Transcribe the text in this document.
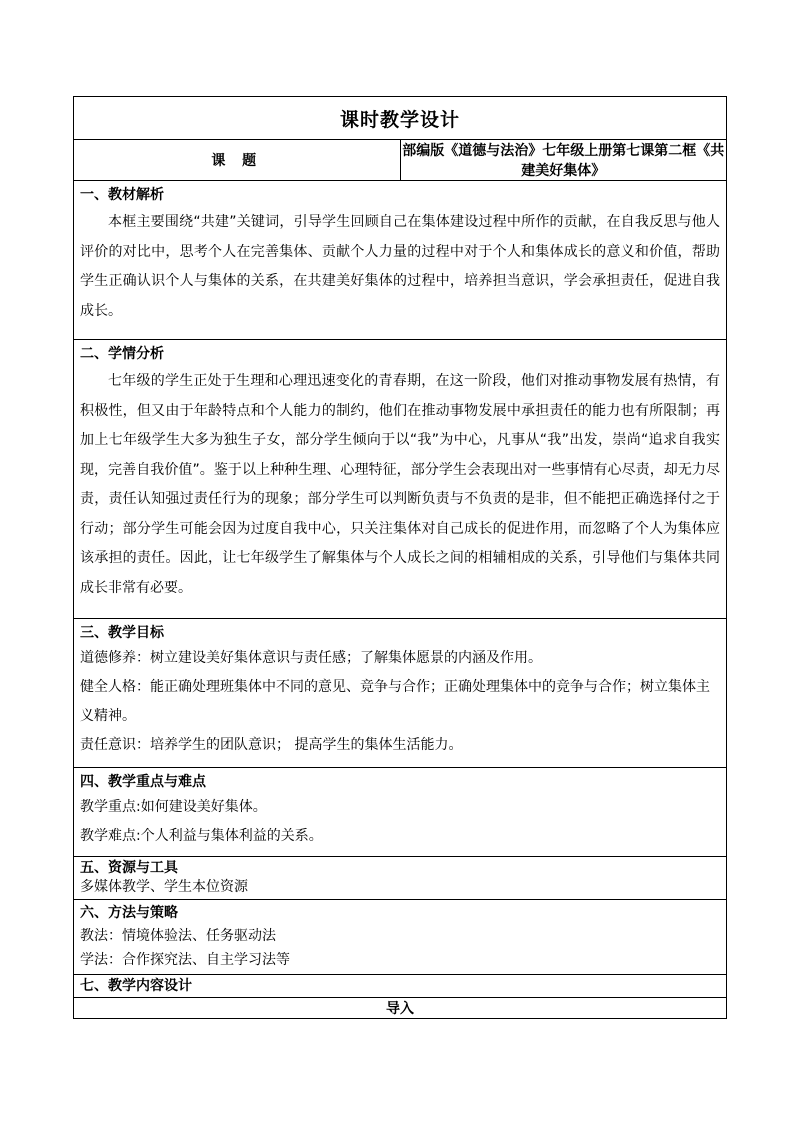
课时教学设计
课 题	部编版《道德与法治》七年级上册第七课第二框《共建美好集体》

一、教材解析

本框主要围绕“共建”关键词，引导学生回顾自己在集体建设过程中所作的贡献，在自我反思与他人评价的对比中，思考个人在完善集体、贡献个人力量的过程中对于个人和集体成长的意义和价值，帮助学生正确认识个人与集体的关系，在共建美好集体的过程中，培养担当意识，学会承担责任，促进自我成长。

二、学情分析

七年级的学生正处于生理和心理迅速变化的青春期，在这一阶段，他们对推动事物发展有热情，有积极性，但又由于年龄特点和个人能力的制约，他们在推动事物发展中承担责任的能力也有所限制；再加上七年级学生大多为独生子女，部分学生倾向于以“我”为中心，凡事从“我”出发，崇尚“追求自我实现，完善自我价值”。鉴于以上种种生理、心理特征，部分学生会表现出对一些事情有心尽责，却无力尽责，责任认知强过责任行为的现象；部分学生可以判断负责与不负责的是非，但不能把正确选择付之于行动；部分学生可能会因为过度自我中心，只关注集体对自己成长的促进作用，而忽略了个人为集体应该承担的责任。因此，让七年级学生了解集体与个人成长之间的相辅相成的关系，引导他们与集体共同成长非常有必要。

三、教学目标

道德修养：树立建设美好集体意识与责任感；了解集体愿景的内涵及作用。

健全人格：能正确处理班集体中不同的意见、竞争与合作；正确处理集体中的竞争与合作；树立集体主义精神。

责任意识：培养学生的团队意识； 提高学生的集体生活能力。

四、教学重点与难点

教学重点:如何建设美好集体。

教学难点:个人利益与集体利益的关系。

五、资源与工具

多媒体教学、学生本位资源

六、方法与策略

教法：情境体验法、任务驱动法

学法：合作探究法、自主学习法等

七、教学内容设计

导入
